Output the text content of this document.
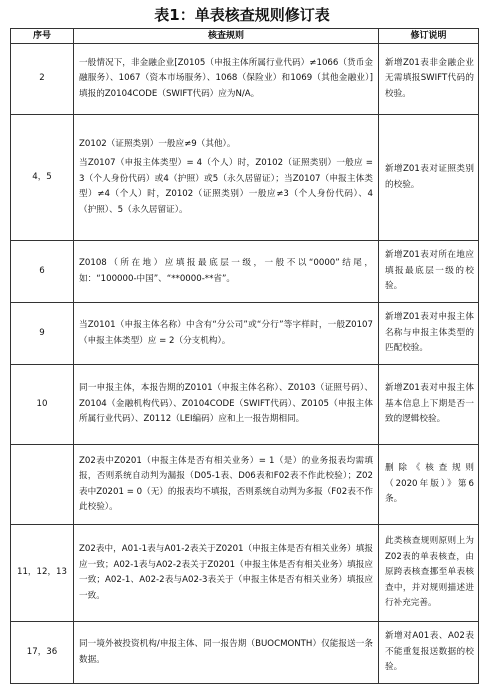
表1：单表核查规则修订表
序号	核查规则	修订说明
2	一般情况下，非金融企业[Z0105（申报主体所属行业代码）≠1066（货币金融服务）、1067（资本市场服务）、1068（保险业）和1069（其他金融业）]填报的Z0104CODE（SWIFT代码）应为N/A。	新增Z01表非金融企业无需填报SWIFT代码的校验。
4，5	Z0102（证照类别）一般应≠9（其他）。
当Z0107（申报主体类型）= 4（个人）时，Z0102（证照类别）一般应 = 3（个人身份代码）或4（护照）或5（永久居留证）；当Z0107（申报主体类型）≠4（个人）时，Z0102（证照类别）一般应≠3（个人身份代码）、4（护照）、5（永久居留证）。	新增Z01表对证照类别的校验。
6	Z0108（所在地）应填报最底层一级，一般不以“0000”结尾，如：“100000-中国”、“**0000-**省”。	新增Z01表对所在地应填报最底层一级的校验。
9	当Z0101（申报主体名称）中含有“分公司”或“分行”等字样时，一般Z0107（申报主体类型）应 = 2（分支机构）。	新增Z01表对申报主体名称与申报主体类型的匹配校验。
10	同一申报主体，本报告期的Z0101（申报主体名称）、Z0103（证照号码）、Z0104（金融机构代码）、Z0104CODE（SWIFT代码）、Z0105（申报主体所属行业代码）、Z0112（LEI编码）应和上一报告期相同。	新增Z01表对申报主体基本信息上下期是否一致的逻辑校验。

	Z02表中Z0201（申报主体是否有相关业务）= 1（是）的业务报表均需填报，否则系统自动判为漏报（D05-1表、D06表和F02表不作此校验）；Z02表中Z0201 = 0（无）的报表均不填报，否则系统自动判为多报（F02表不作此校验）。	删除《核查规则（2020年版）》第6条。
11，12，13	Z02表中，A01-1表与A01-2表关于Z0201（申报主体是否有相关业务）填报应一致；A02-1表与A02-2表关于Z0201（申报主体是否有相关业务）填报应一致；A02-1、A02-2表与A02-3表关于（申报主体是否有相关业务）填报应一致。	此类核查规则原则上为Z02表的单表核查，由原跨表核查挪至单表核查中，并对规则描述进行补充完善。
17，36	同一境外被投资机构/申报主体、同一报告期（BUOCMONTH）仅能报送一条数据。	新增对A01表、A02表不能重复报送数据的校验。
